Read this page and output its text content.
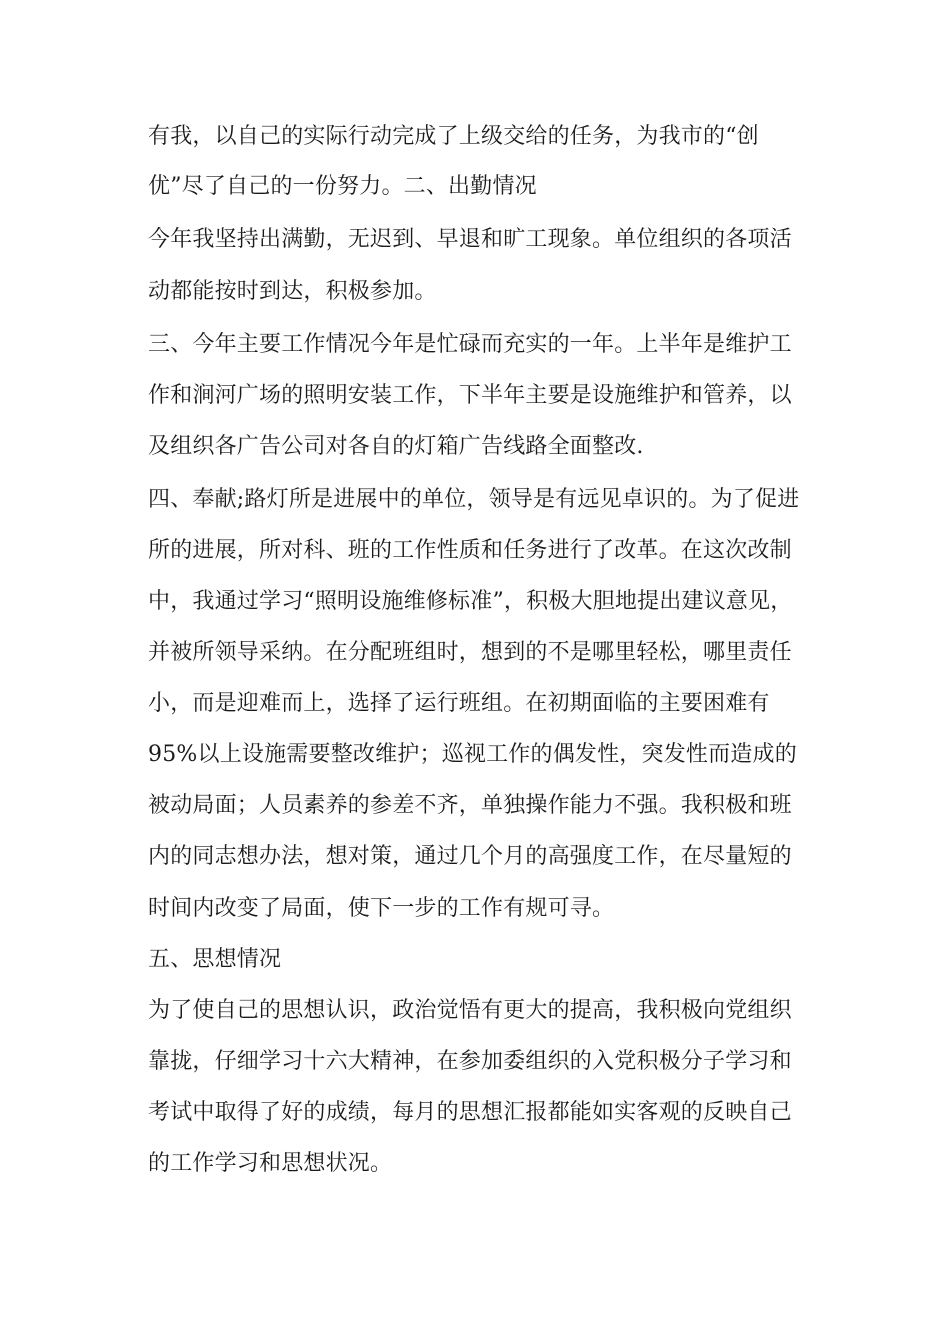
有我，以自己的实际行动完成了上级交给的任务，为我市的“创
优”尽了自己的一份努力。二、出勤情况
今年我坚持出满勤，无迟到、早退和旷工现象。单位组织的各项活
动都能按时到达，积极参加。
三、今年主要工作情况今年是忙碌而充实的一年。上半年是维护工
作和涧河广场的照明安装工作，下半年主要是设施维护和管养，以
及组织各广告公司对各自的灯箱广告线路全面整改.
四、奉献;路灯所是进展中的单位，领导是有远见卓识的。为了促进
所的进展，所对科、班的工作性质和任务进行了改革。在这次改制
中，我通过学习“照明设施维修标准”，积极大胆地提出建议意见，
并被所领导采纳。在分配班组时，想到的不是哪里轻松，哪里责任
小，而是迎难而上，选择了运行班组。在初期面临的主要困难有
95%以上设施需要整改维护；巡视工作的偶发性，突发性而造成的
被动局面；人员素养的参差不齐，单独操作能力不强。我积极和班
内的同志想办法，想对策，通过几个月的高强度工作，在尽量短的
时间内改变了局面，使下一步的工作有规可寻。
五、思想情况
为了使自己的思想认识，政治觉悟有更大的提高，我积极向党组织
靠拢，仔细学习十六大精神，在参加委组织的入党积极分子学习和
考试中取得了好的成绩，每月的思想汇报都能如实客观的反映自己
的工作学习和思想状况。
